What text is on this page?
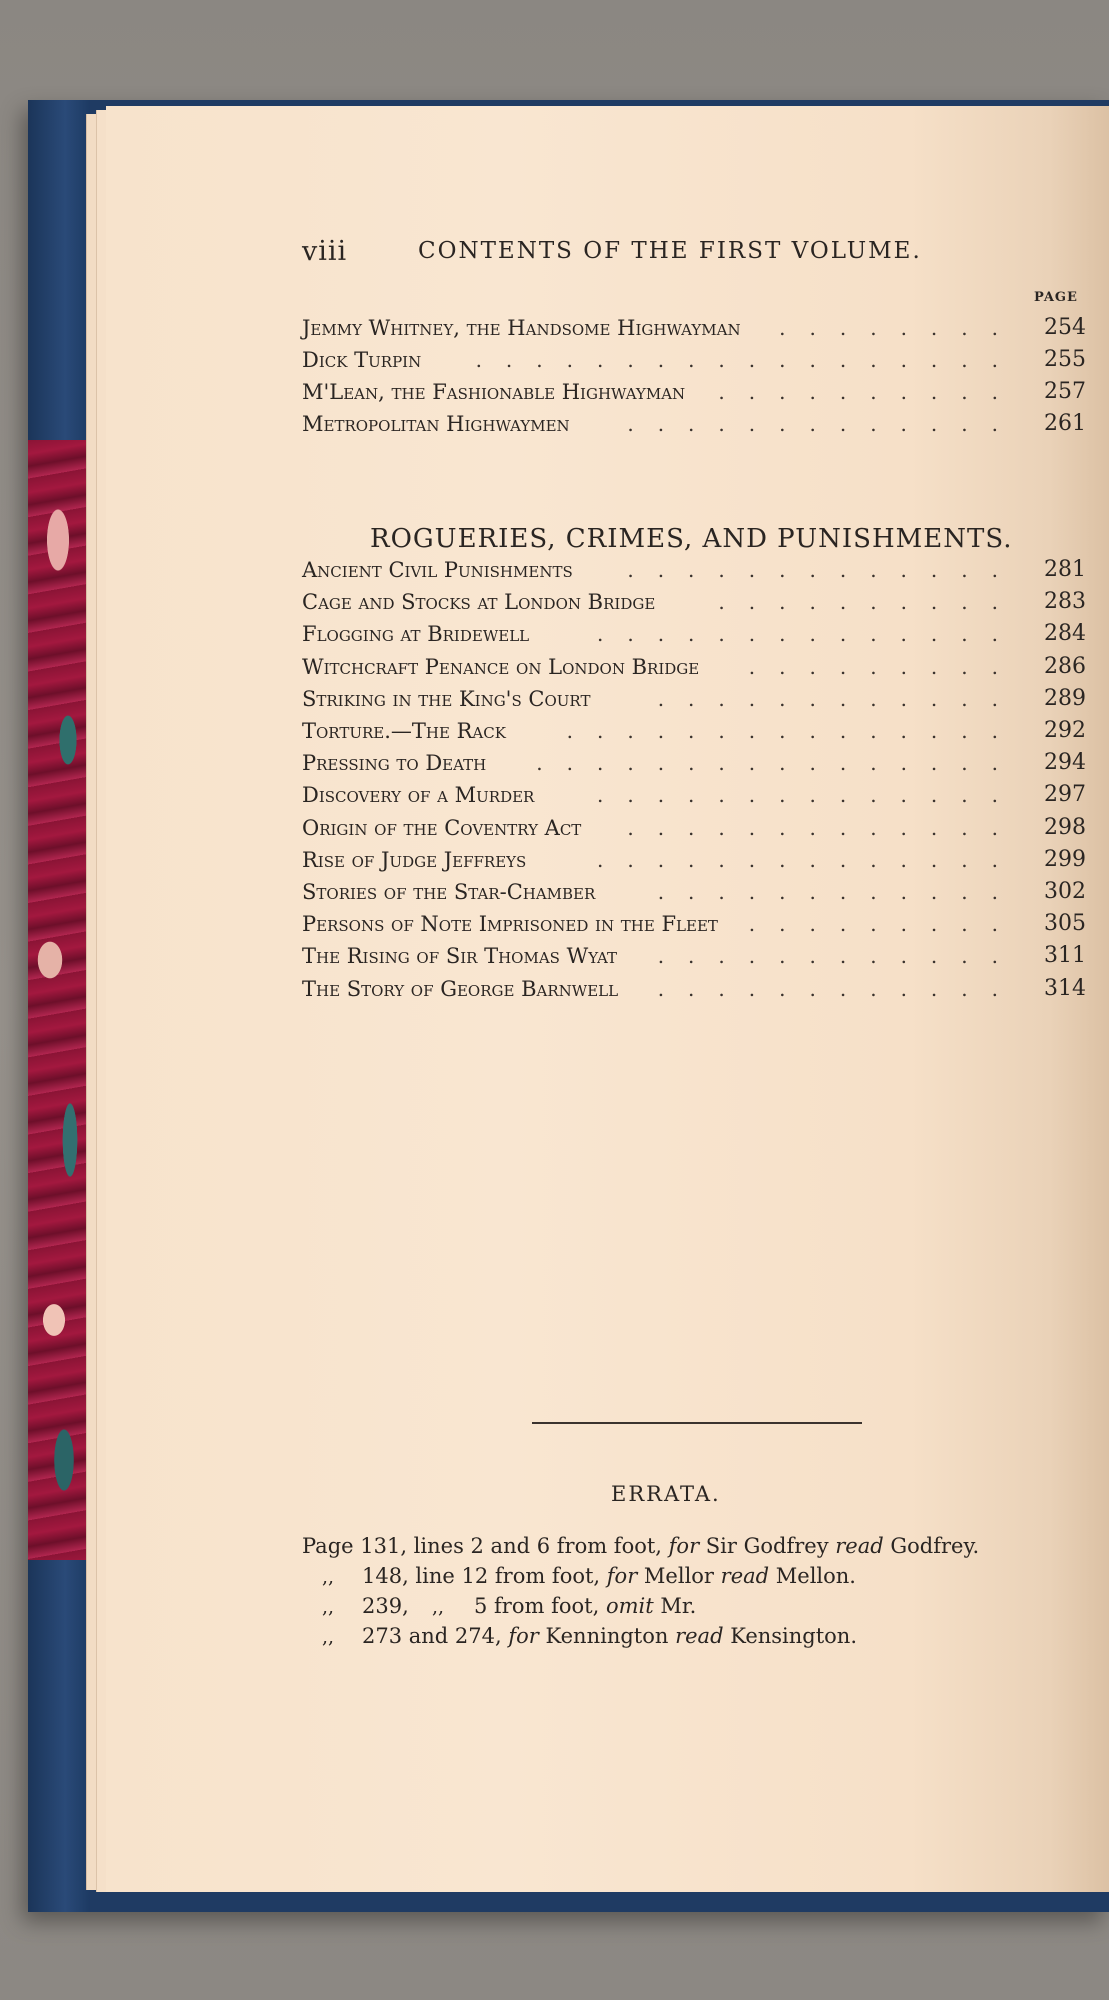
viii	CONTENTS OF THE FIRST VOLUME.
PAGE
Jemmy Whitney, the Handsome Highwayman	254
........
Dick Turpin	255
..................
M'Lean, the Fashionable Highwayman	257
..........
Metropolitan Highwaymen	261
.............
ROGUERIES, CRIMES, AND PUNISHMENTS.
Ancient Civil Punishments	281
.............
Cage and Stocks at London Bridge	283
..........
Flogging at Bridewell	284
..............
Witchcraft Penance on London Bridge	286
.........
Striking in the King's Court	289
............
Torture.—The Rack	292
...............
Pressing to Death	294
................
Discovery of a Murder	297
..............
Origin of the Coventry Act	298
.............
Rise of Judge Jeffreys	299
..............
Stories of the Star-Chamber	302
............
Persons of Note Imprisoned in the Fleet	305
.........
The Rising of Sir Thomas Wyat	311
............
The Story of George Barnwell	314
............
ERRATA.
Page 131, lines 2 and 6 from foot, for Sir Godfrey read Godfrey.
,, 148, line 12 from foot, for Mellor read Mellon.
,, 239, ,, 5 from foot, omit Mr.
,, 273 and 274, for Kennington read Kensington.
